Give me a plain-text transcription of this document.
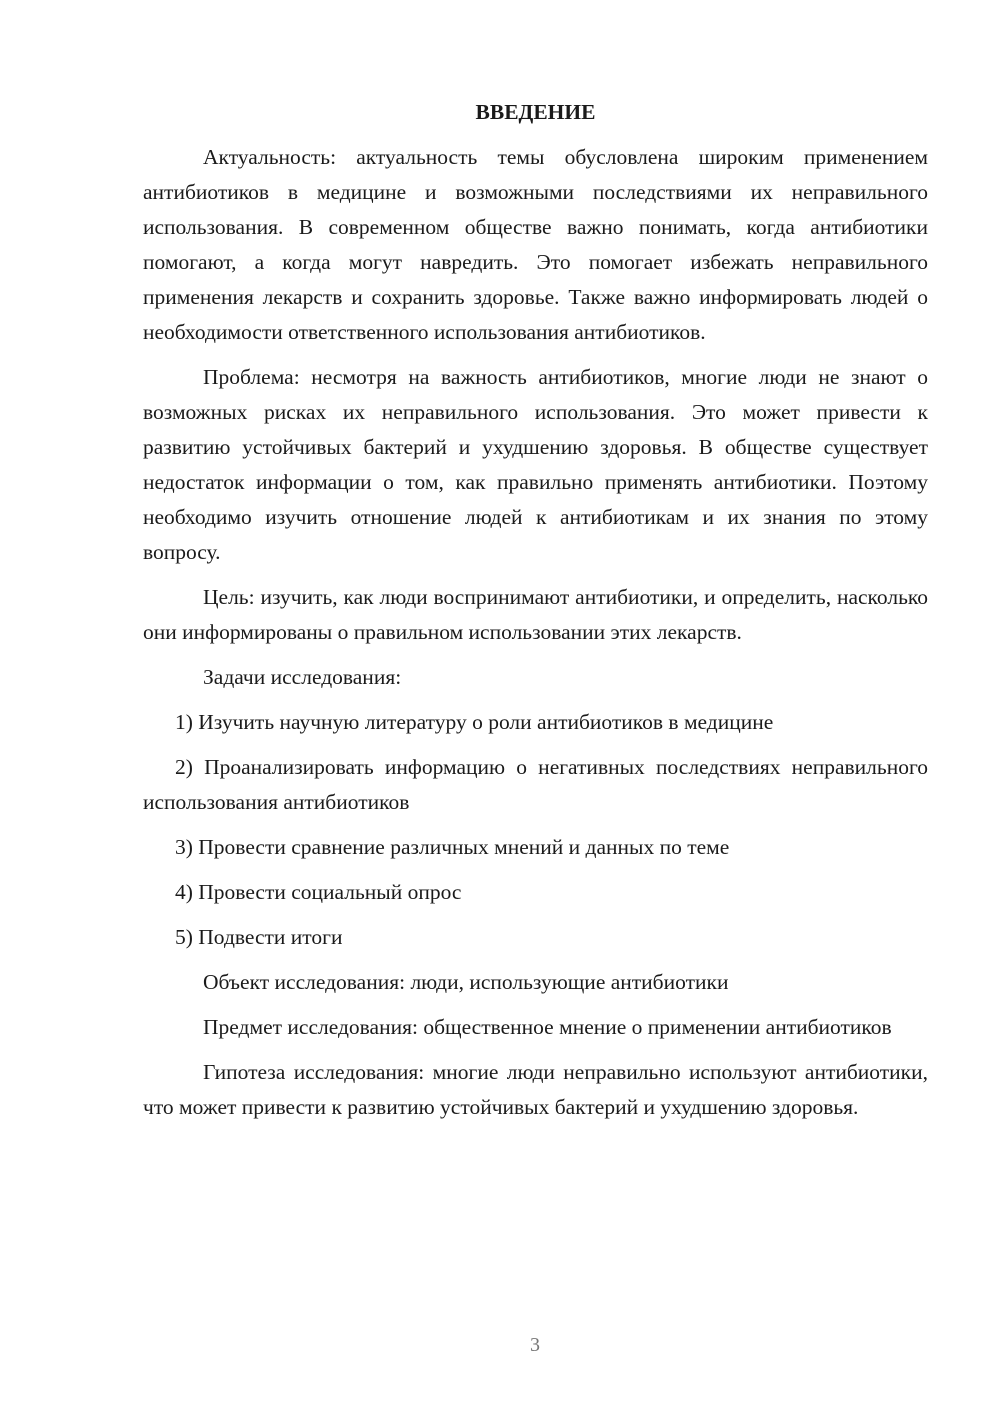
ВВЕДЕНИЕ

Актуальность: актуальность темы обусловлена широким применением антибиотиков в медицине и возможными последствиями их неправильного использования. В современном обществе важно понимать, когда антибиотики помогают, а когда могут навредить. Это помогает избежать неправильного применения лекарств и сохранить здоровье. Также важно информировать людей о необходимости ответственного использования антибиотиков.

Проблема: несмотря на важность антибиотиков, многие люди не знают о возможных рисках их неправильного использования. Это может привести к развитию устойчивых бактерий и ухудшению здоровья. В обществе существует недостаток информации о том, как правильно применять антибиотики. Поэтому необходимо изучить отношение людей к антибиотикам и их знания по этому вопросу.

Цель: изучить, как люди воспринимают антибиотики, и определить, насколько они информированы о правильном использовании этих лекарств.

Задачи исследования:

1) Изучить научную литературу о роли антибиотиков в медицине

2) Проанализировать информацию о негативных последствиях неправильного использования антибиотиков

3) Провести сравнение различных мнений и данных по теме

4) Провести социальный опрос

5) Подвести итоги

Объект исследования: люди, использующие антибиотики

Предмет исследования: общественное мнение о применении антибиотиков

Гипотеза исследования: многие люди неправильно используют антибиотики, что может привести к развитию устойчивых бактерий и ухудшению здоровья.

3
